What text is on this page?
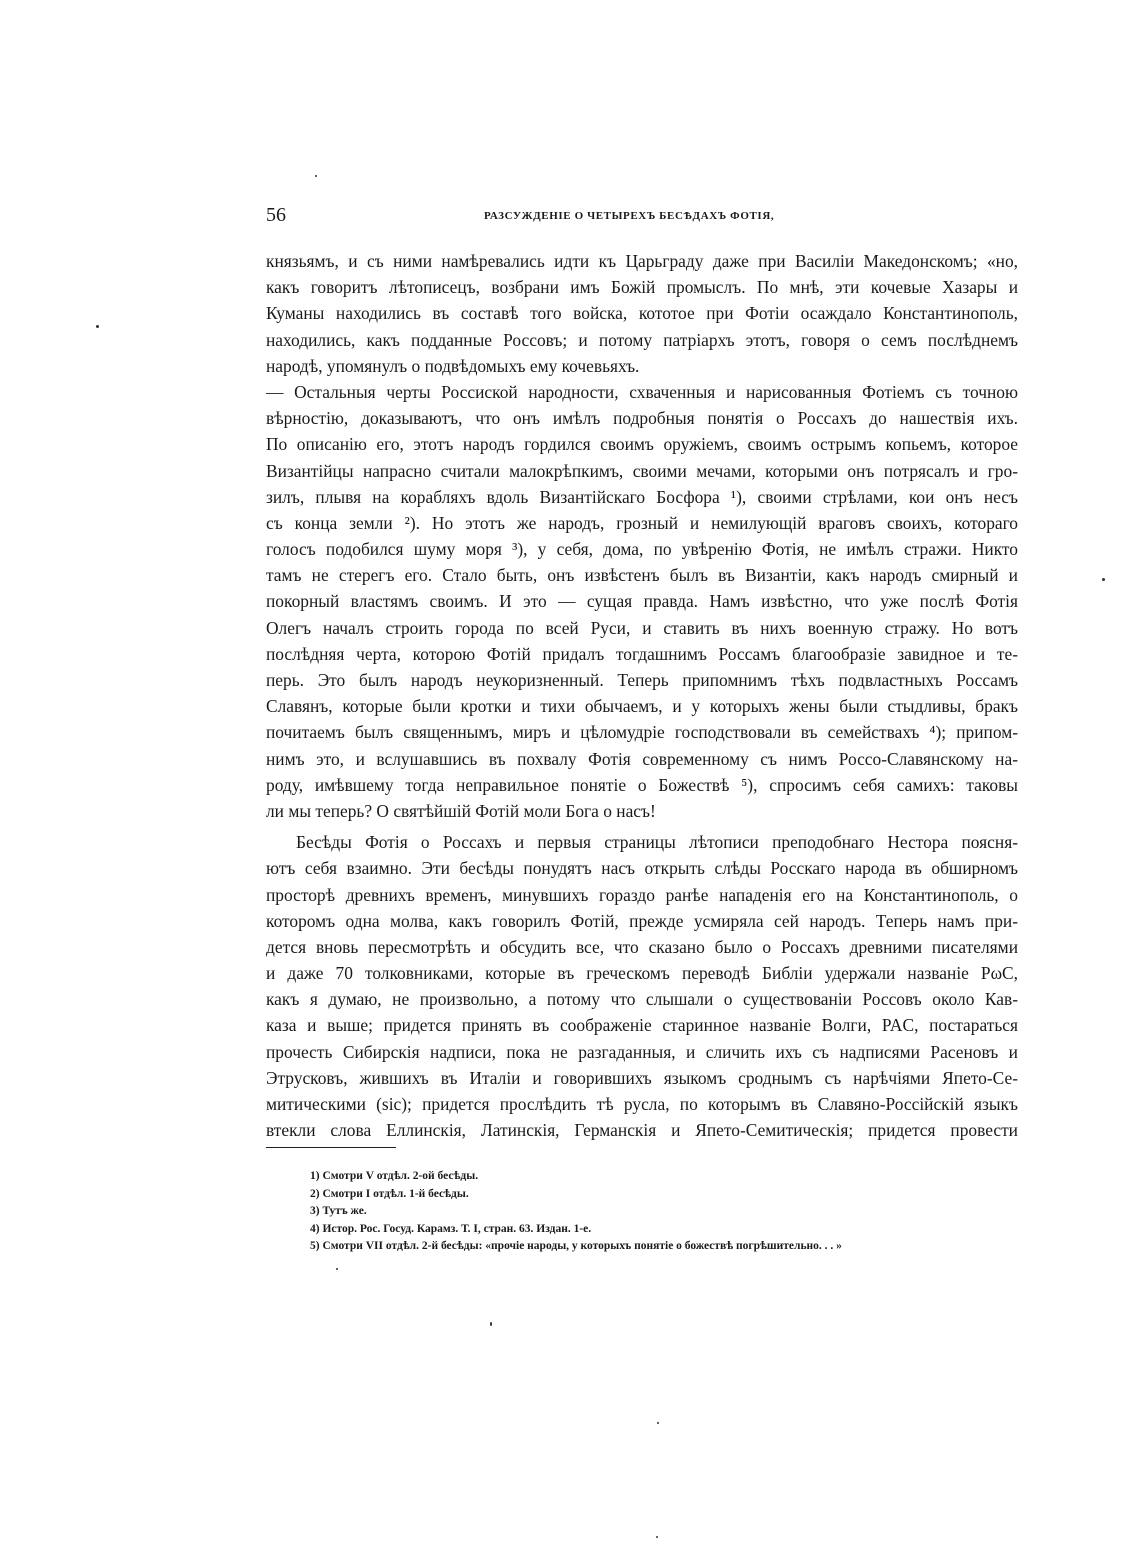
56	РАЗСУЖДЕНІЕ О ЧЕТЫРЕХЪ БЕСѢДАХЪ ФОТІЯ,
князьямъ, и съ ними намѣревались идти къ Царьграду даже при Василіи Македонскомъ; «но,
какъ говоритъ лѣтописецъ, возбрани имъ Божій промыслъ. По мнѣ, эти кочевые Хазары и
Куманы находились въ составѣ того войска, кототое при Фотіи осаждало Константинополь,
находились, какъ подданные Россовъ; и потому патріархъ этотъ, говоря о семъ послѣднемъ
народѣ, упомянулъ о подвѣдомыхъ ему кочевьяхъ.
— Остальныя черты Россиской народности, схваченныя и нарисованныя Фотіемъ съ точною
вѣрностію, доказываютъ, что онъ имѣлъ подробныя понятія о Россахъ до нашествія ихъ.
По описанію его, этотъ народъ гордился своимъ оружіемъ, своимъ острымъ копьемъ, которое
Византійцы напрасно считали малокрѣпкимъ, своими мечами, которыми онъ потрясалъ и гро-
зилъ, плывя на корабляхъ вдоль Византійскаго Босфора ¹), своими стрѣлами, кои онъ несъ
съ конца земли ²). Но этотъ же народъ, грозный и немилующій враговъ своихъ, котораго
голосъ подобился шуму моря ³), у себя, дома, по увѣренію Фотія, не имѣлъ стражи. Никто
тамъ не стерегъ его. Стало быть, онъ извѣстенъ былъ въ Византіи, какъ народъ смирный и
покорный властямъ своимъ. И это — сущая правда. Намъ извѣстно, что уже послѣ Фотія
Олегъ началъ строить города по всей Руси, и ставить въ нихъ военную стражу. Но вотъ
послѣдняя черта, которою Фотій придалъ тогдашнимъ Россамъ благообразіе завидное и те-
перь. Это былъ народъ неукоризненный. Теперь припомнимъ тѣхъ подвластныхъ Россамъ
Славянъ, которые были кротки и тихи обычаемъ, и у которыхъ жены были стыдливы, бракъ
почитаемъ былъ священнымъ, миръ и цѣломудріе господствовали въ семействахъ ⁴); припом-
нимъ это, и вслушавшись въ похвалу Фотія современному съ нимъ Россо-Славянскому на-
роду, имѣвшему тогда неправильное понятіе о Божествѣ ⁵), спросимъ себя самихъ: таковы
ли мы теперь? О святѣйшій Фотій моли Бога о насъ!
Бесѣды Фотія о Россахъ и первыя страницы лѣтописи преподобнаго Нестора поясня-
ютъ себя взаимно. Эти бесѣды понудятъ насъ открыть слѣды Росскаго народа въ обширномъ
просторѣ древнихъ временъ, минувшихъ гораздо ранѣе нападенія его на Константинополь, о
которомъ одна молва, какъ говорилъ Фотій, прежде усмиряла сей народъ. Теперь намъ при-
дется вновь пересмотрѣть и обсудить все, что сказано было о Россахъ древними писателями
и даже 70 толковниками, которые въ греческомъ переводѣ Библіи удержали названіе PωC,
какъ я думаю, не произвольно, а потому что слышали о существованіи Россовъ около Кав-
каза и выше; придется принять въ соображеніе старинное названіе Волги, PAC, постараться
прочесть Сибирскія надписи, пока не разгаданныя, и сличить ихъ съ надписями Расеновъ и
Этрусковъ, жившихъ въ Италіи и говорившихъ языкомъ сроднымъ съ нарѣчіями Япето-Се-
митическими (sic); придется прослѣдить тѣ русла, по которымъ въ Славяно-Россійскій языкъ
втекли слова Еллинскія, Латинскія, Германскія и Япето-Семитическія; придется провести
1) Смотри V отдѣл. 2-ой бесѣды.
2) Смотри I отдѣл. 1-й бесѣды.
3) Тутъ же.
4) Истор. Рос. Госуд. Карамз. Т. I, стран. 63. Издан. 1-е.
5) Смотри VII отдѣл. 2-й бесѣды: «прочіе народы, у которыхъ понятіе о божествѣ погрѣшительно. . . »
